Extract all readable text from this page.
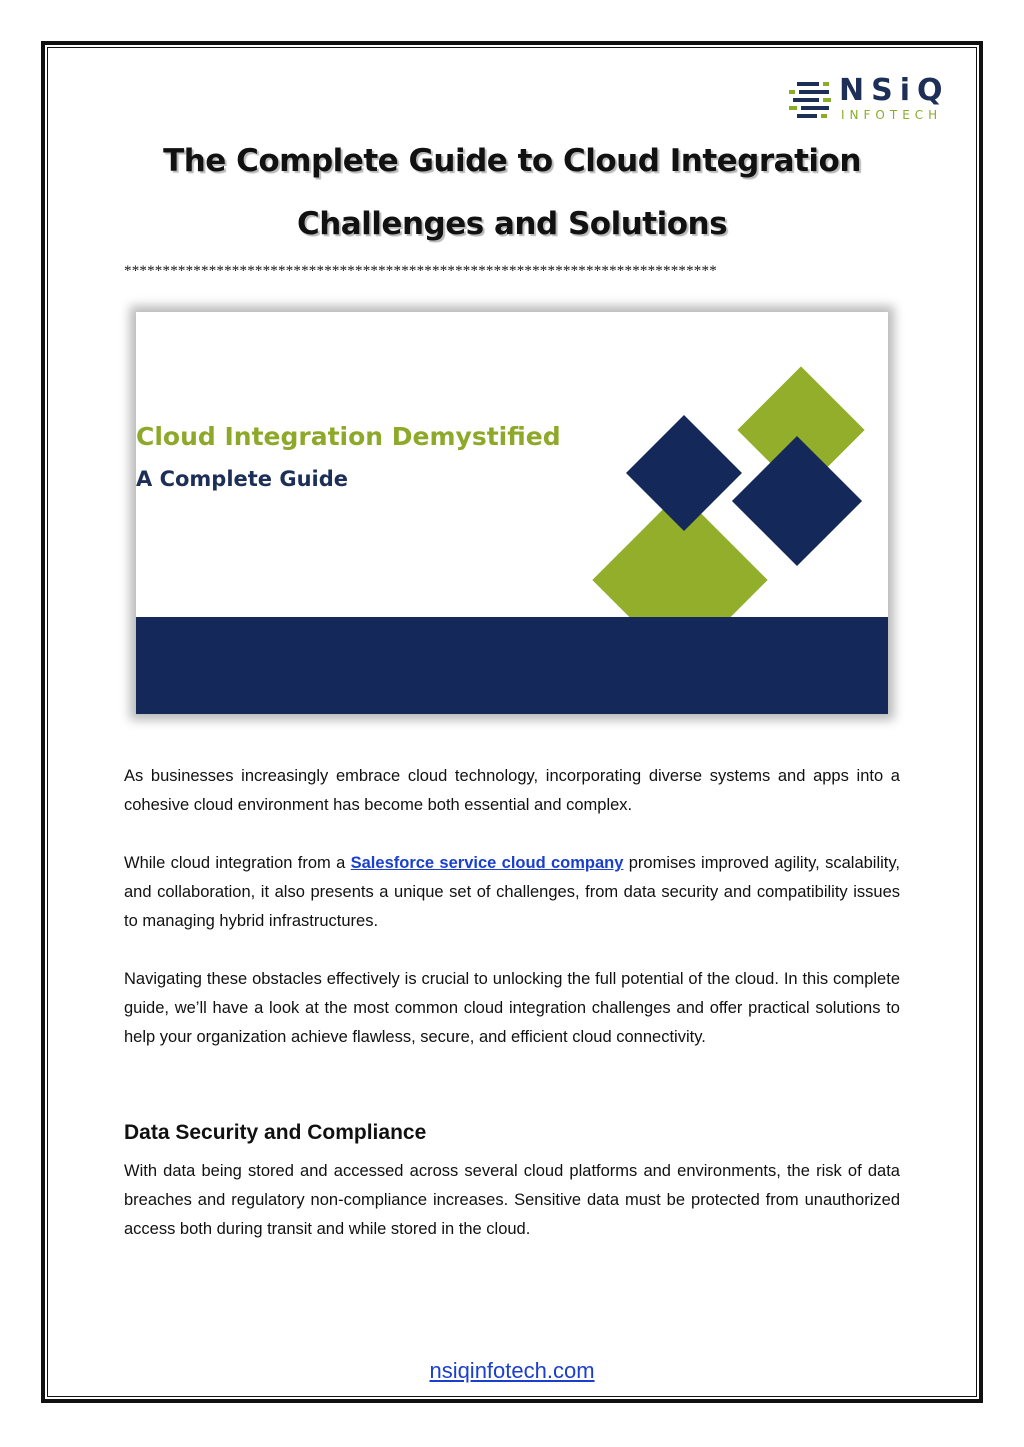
NSiQ
INFOTECH
The Complete Guide to Cloud Integration
Challenges and Solutions
*****************************************************************************
Cloud Integration Demystified
A Complete Guide

As businesses increasingly embrace cloud technology, incorporating diverse systems and apps into a cohesive cloud environment has become both essential and complex.

While cloud integration from a Salesforce service cloud company promises improved agility, scalability, and collaboration, it also presents a unique set of challenges, from data security and compatibility issues to managing hybrid infrastructures.

Navigating these obstacles effectively is crucial to unlocking the full potential of the cloud. In this complete guide, we’ll have a look at the most common cloud integration challenges and offer practical solutions to help your organization achieve flawless, secure, and efficient cloud connectivity.

Data Security and Compliance

With data being stored and accessed across several cloud platforms and environments, the risk of data breaches and regulatory non-compliance increases. Sensitive data must be protected from unauthorized access both during transit and while stored in the cloud.

nsiqinfotech.com
